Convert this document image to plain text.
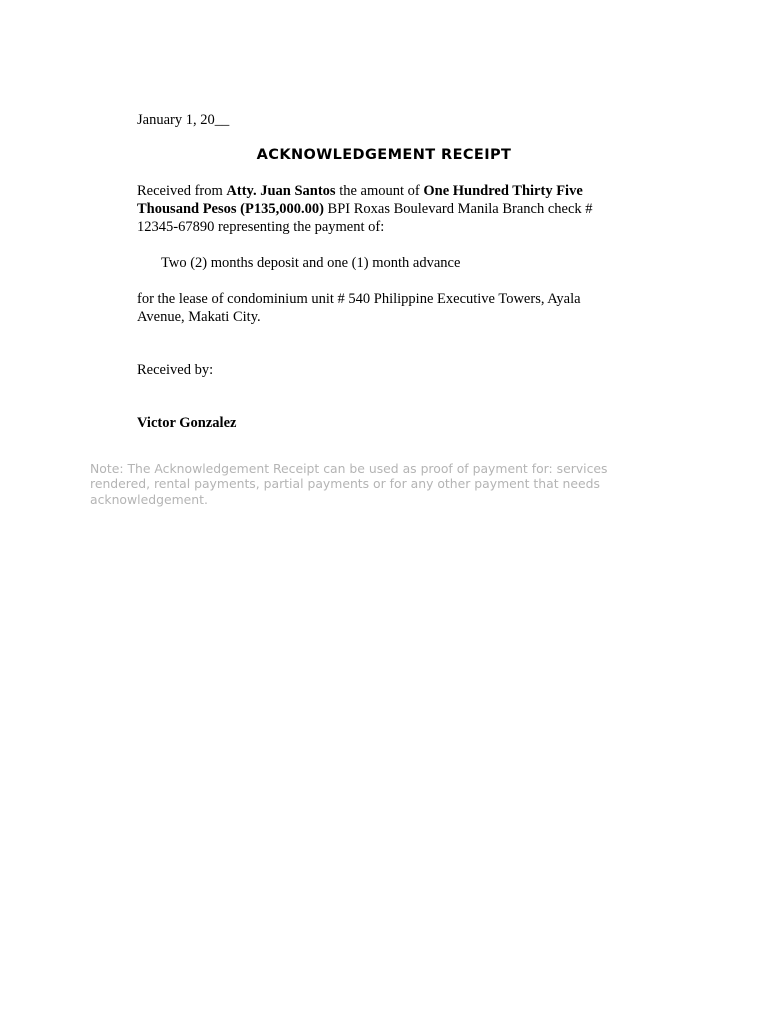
January 1, 20__

ACKNOWLEDGEMENT RECEIPT

Received from Atty. Juan Santos the amount of One Hundred Thirty Five Thousand Pesos (P135,000.00) BPI Roxas Boulevard Manila Branch check # 12345-67890 representing the payment of:

Two (2) months deposit and one (1) month advance

for the lease of condominium unit # 540 Philippine Executive Towers, Ayala Avenue, Makati City.

Received by:

Victor Gonzalez

Note: The Acknowledgement Receipt can be used as proof of payment for: services rendered, rental payments, partial payments or for any other payment that needs acknowledgement.
